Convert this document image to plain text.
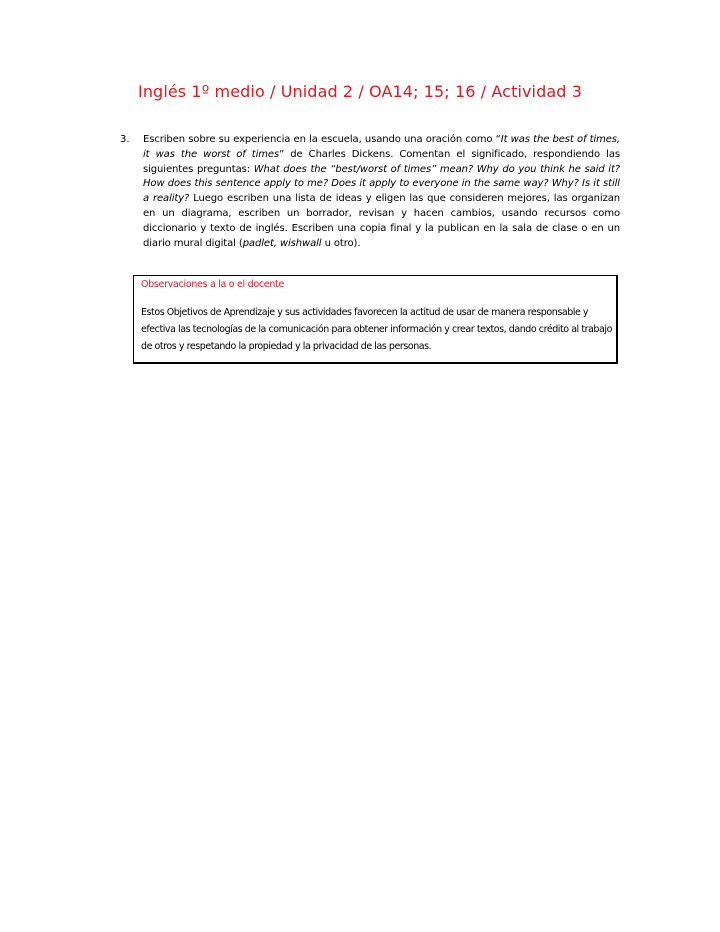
Inglés 1º medio / Unidad 2 / OA14; 15; 16 / Actividad 3
3. Escriben sobre su experiencia en la escuela, usando una oración como “It was the best of times, it was the worst of times” de Charles Dickens. Comentan el significado, respondiendo las siguientes preguntas: What does the “best/worst of times” mean? Why do you think he said it? How does this sentence apply to me? Does it apply to everyone in the same way? Why? Is it still a reality? Luego escriben una lista de ideas y eligen las que consideren mejores, las organizan en un diagrama, escriben un borrador, revisan y hacen cambios, usando recursos como diccionario y texto de inglés. Escriben una copia final y la publican en la sala de clase o en un diario mural digital (padlet, wishwall u otro).
Observaciones a la o el docente
Estos Objetivos de Aprendizaje y sus actividades favorecen la actitud de usar de manera responsable y efectiva las tecnologías de la comunicación para obtener información y crear textos, dando crédito al trabajo de otros y respetando la propiedad y la privacidad de las personas.
